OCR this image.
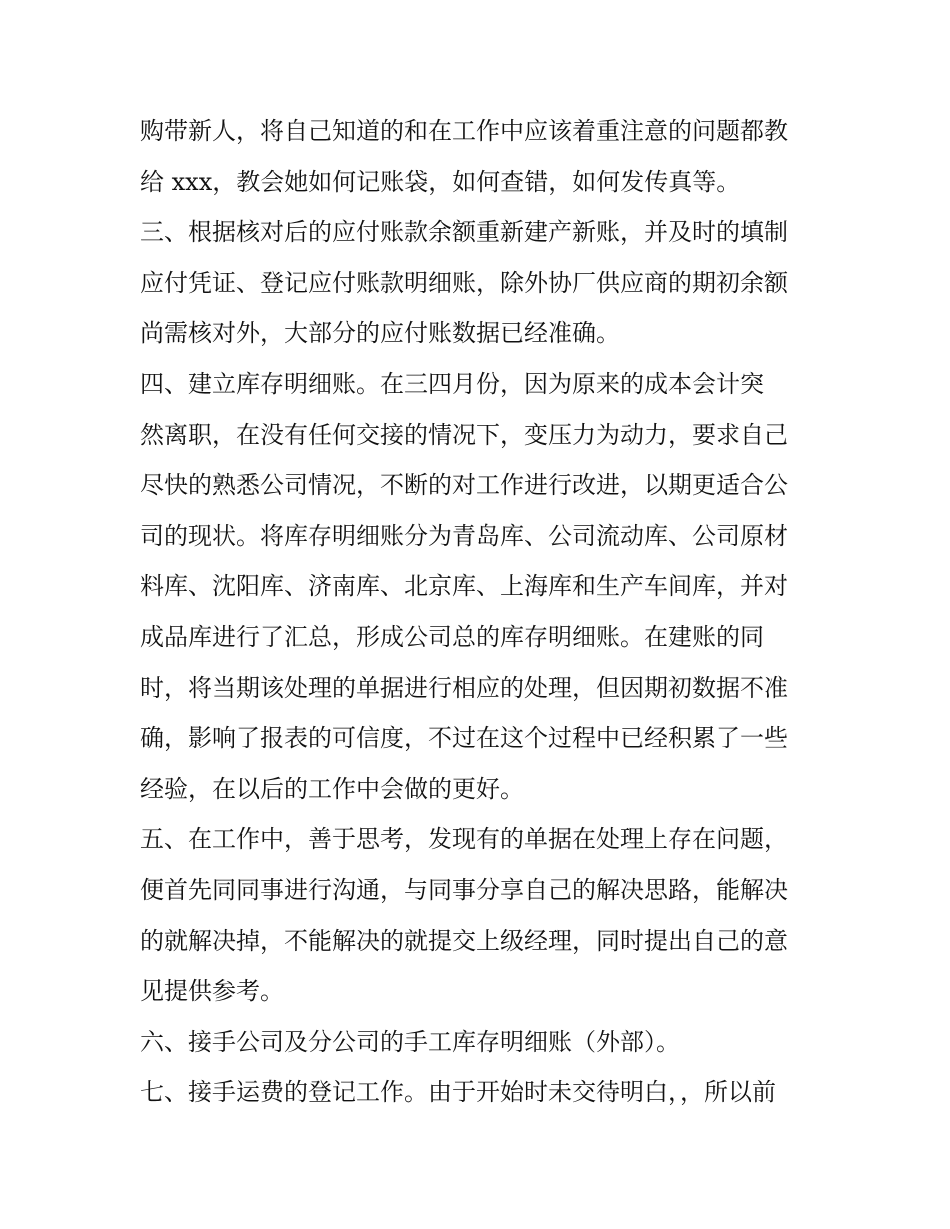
购带新人，将自己知道的和在工作中应该着重注意的问题都教
给 xxx，教会她如何记账袋，如何查错，如何发传真等。
三、根据核对后的应付账款余额重新建产新账，并及时的填制
应付凭证、登记应付账款明细账，除外协厂供应商的期初余额
尚需核对外，大部分的应付账数据已经准确。
四、建立库存明细账。在三四月份，因为原来的成本会计突
然离职，在没有任何交接的情况下，变压力为动力，要求自己
尽快的熟悉公司情况，不断的对工作进行改进，以期更适合公
司的现状。将库存明细账分为青岛库、公司流动库、公司原材
料库、沈阳库、济南库、北京库、上海库和生产车间库，并对
成品库进行了汇总，形成公司总的库存明细账。在建账的同
时，将当期该处理的单据进行相应的处理，但因期初数据不准
确，影响了报表的可信度，不过在这个过程中已经积累了一些
经验，在以后的工作中会做的更好。
五、在工作中，善于思考，发现有的单据在处理上存在问题，
便首先同同事进行沟通，与同事分享自己的解决思路，能解决
的就解决掉，不能解决的就提交上级经理，同时提出自己的意
见提供参考。
六、接手公司及分公司的手工库存明细账（外部）。
七、接手运费的登记工作。由于开始时未交待明白，，所以前
